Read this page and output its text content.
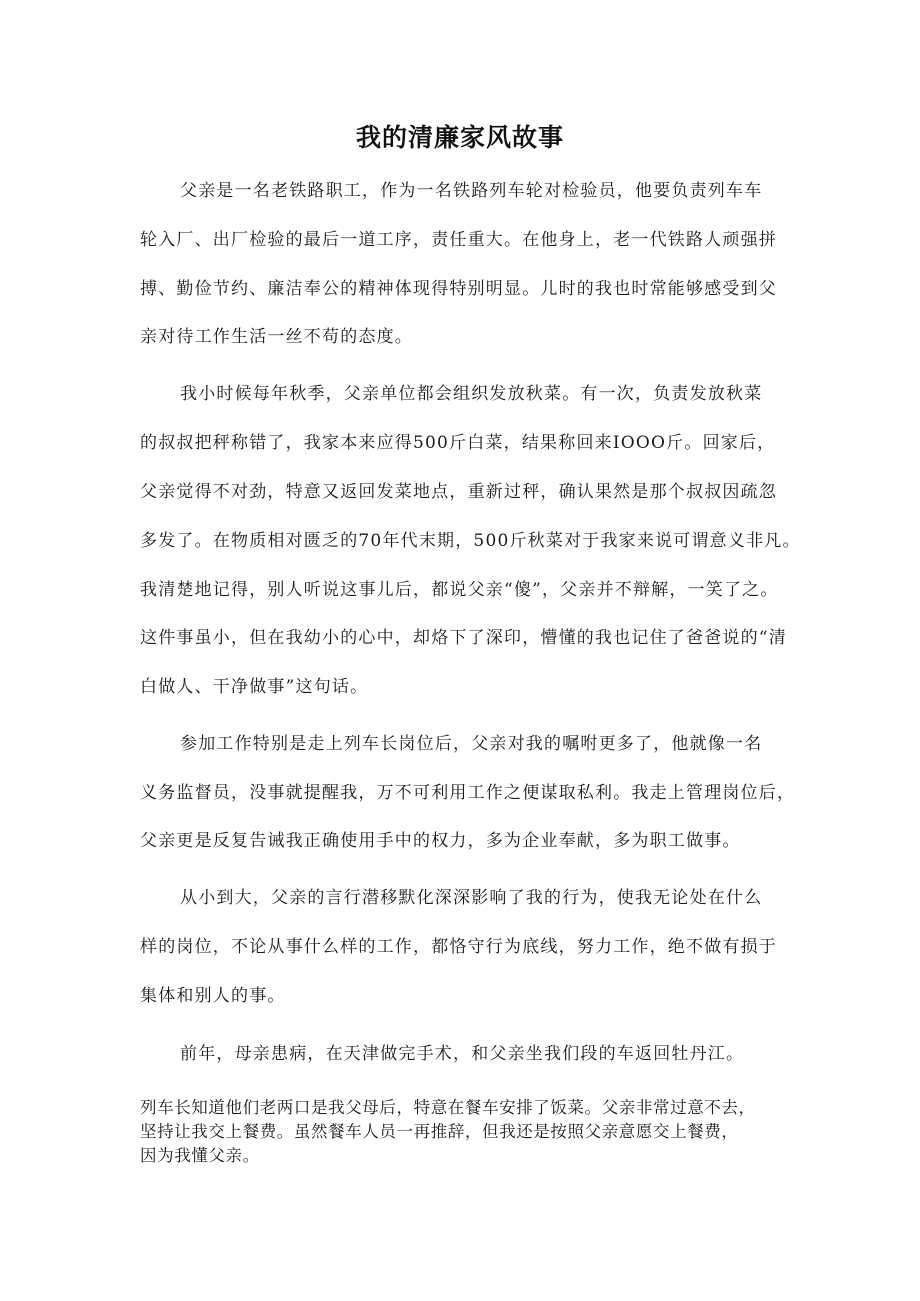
我的清廉家风故事
父亲是一名老铁路职工，作为一名铁路列车轮对检验员，他要负责列车车
轮入厂、出厂检验的最后一道工序，责任重大。在他身上，老一代铁路人顽强拼
搏、勤俭节约、廉洁奉公的精神体现得特别明显。儿时的我也时常能够感受到父
亲对待工作生活一丝不苟的态度。
我小时候每年秋季，父亲单位都会组织发放秋菜。有一次，负责发放秋菜
的叔叔把秤称错了，我家本来应得500斤白菜，结果称回来IOOO斤。回家后，
父亲觉得不对劲，特意又返回发菜地点，重新过秤，确认果然是那个叔叔因疏忽
多发了。在物质相对匮乏的70年代末期，500斤秋菜对于我家来说可谓意义非凡。
我清楚地记得，别人听说这事儿后，都说父亲“傻”，父亲并不辩解，一笑了之。
这件事虽小，但在我幼小的心中，却烙下了深印，懵懂的我也记住了爸爸说的“清
白做人、干净做事”这句话。
参加工作特别是走上列车长岗位后，父亲对我的嘱咐更多了，他就像一名
义务监督员，没事就提醒我，万不可利用工作之便谋取私利。我走上管理岗位后，
父亲更是反复告诫我正确使用手中的权力，多为企业奉献，多为职工做事。
从小到大，父亲的言行潜移默化深深影响了我的行为，使我无论处在什么
样的岗位，不论从事什么样的工作，都恪守行为底线，努力工作，绝不做有损于
集体和别人的事。
前年，母亲患病，在天津做完手术，和父亲坐我们段的车返回牡丹江。
列车长知道他们老两口是我父母后，特意在餐车安排了饭菜。父亲非常过意不去，
坚持让我交上餐费。虽然餐车人员一再推辞，但我还是按照父亲意愿交上餐费，
因为我懂父亲。
